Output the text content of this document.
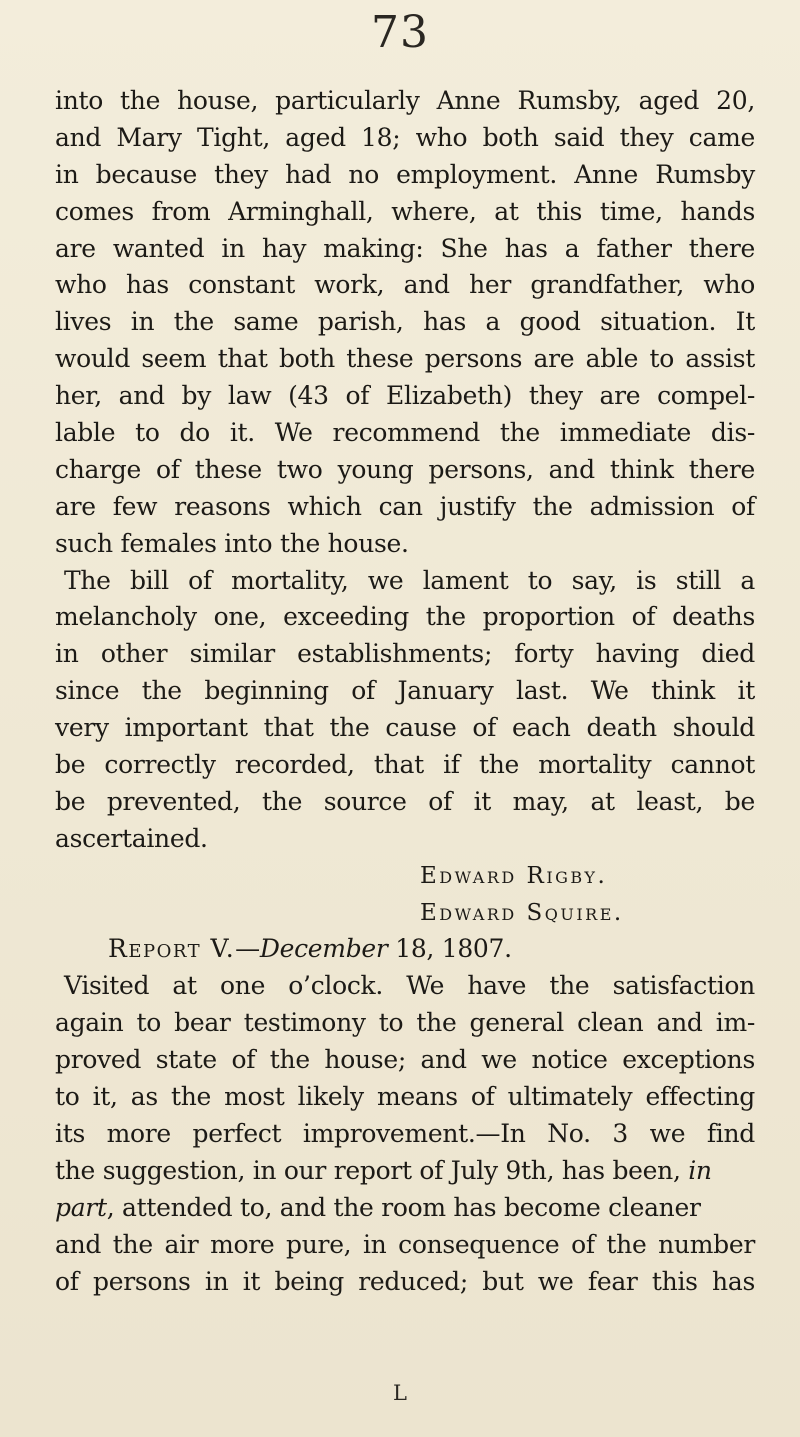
73
into the house, particularly Anne Rumsby, aged 20,
and Mary Tight, aged 18; who both said they came
in because they had no employment. Anne Rumsby
comes from Arminghall, where, at this time, hands
are wanted in hay making: She has a father there
who has constant work, and her grandfather, who
lives in the same parish, has a good situation. It
would seem that both these persons are able to assist
her, and by law (43 of Elizabeth) they are compel-
lable to do it. We recommend the immediate dis-
charge of these two young persons, and think there
are few reasons which can justify the admission of
such females into the house.
The bill of mortality, we lament to say, is still a
melancholy one, exceeding the proportion of deaths
in other similar establishments; forty having died
since the beginning of January last. We think it
very important that the cause of each death should
be correctly recorded, that if the mortality cannot
be prevented, the source of it may, at least, be
ascertained.
Edward Rigby.
Edward Squire.
Report V.—December 18, 1807.
Visited at one o’clock. We have the satisfaction
again to bear testimony to the general clean and im-
proved state of the house; and we notice exceptions
to it, as the most likely means of ultimately effecting
its more perfect improvement.—In No. 3 we find
the suggestion, in our report of July 9th, has been, in
part, attended to, and the room has become cleaner
and the air more pure, in consequence of the number
of persons in it being reduced; but we fear this has
L
